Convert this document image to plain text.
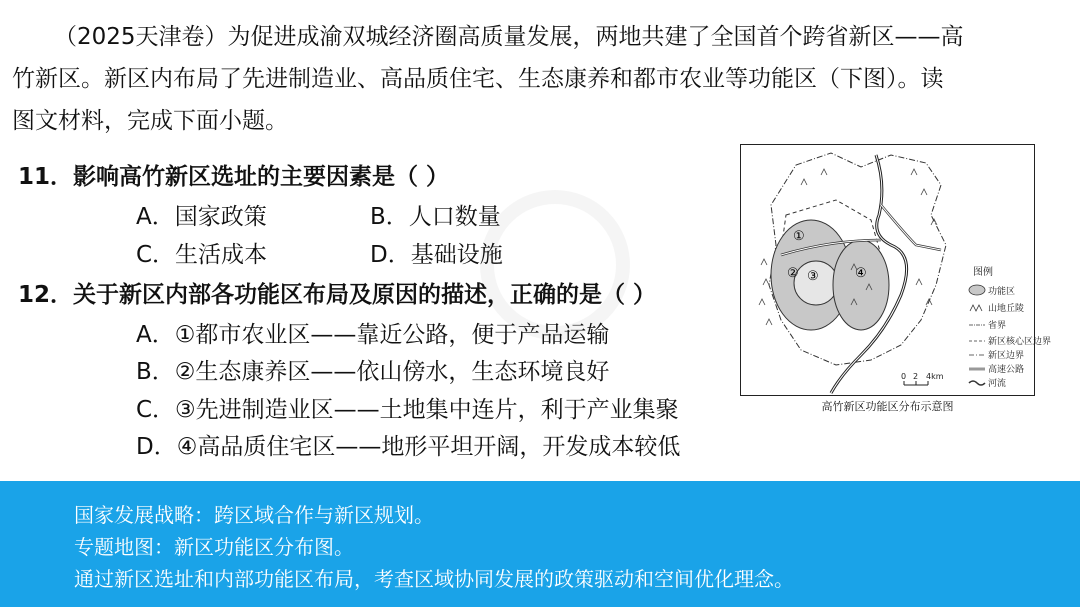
（2025天津卷）为促进成渝双城经济圈高质量发展，两地共建了全国首个跨省新区——高
竹新区。新区内布局了先进制造业、高品质住宅、生态康养和都市农业等功能区（下图）。读
图文材料，完成下面小题。

11．影响高竹新区选址的主要因素是（ ）

A．国家政策	B．人口数量

C．生活成本	D．基础设施

12．关于新区内部各功能区布局及原因的描述，正确的是（ ）

A．①都市农业区——靠近公路，便于产品运输

B．②生态康养区——依山傍水，生态环境良好

C．③先进制造业区——土地集中连片，利于产业集聚

D．④高品质住宅区——地形平坦开阔，开发成本较低

①
② ③	④	图例
功能区
山地丘陵
省界
新区核心区边界
新区边界
高速公路
河流
0 2 4km
高竹新区功能区分布示意图

国家发展战略：跨区域合作与新区规划。

专题地图：新区功能区分布图。

通过新区选址和内部功能区布局，考查区域协同发展的政策驱动和空间优化理念。
